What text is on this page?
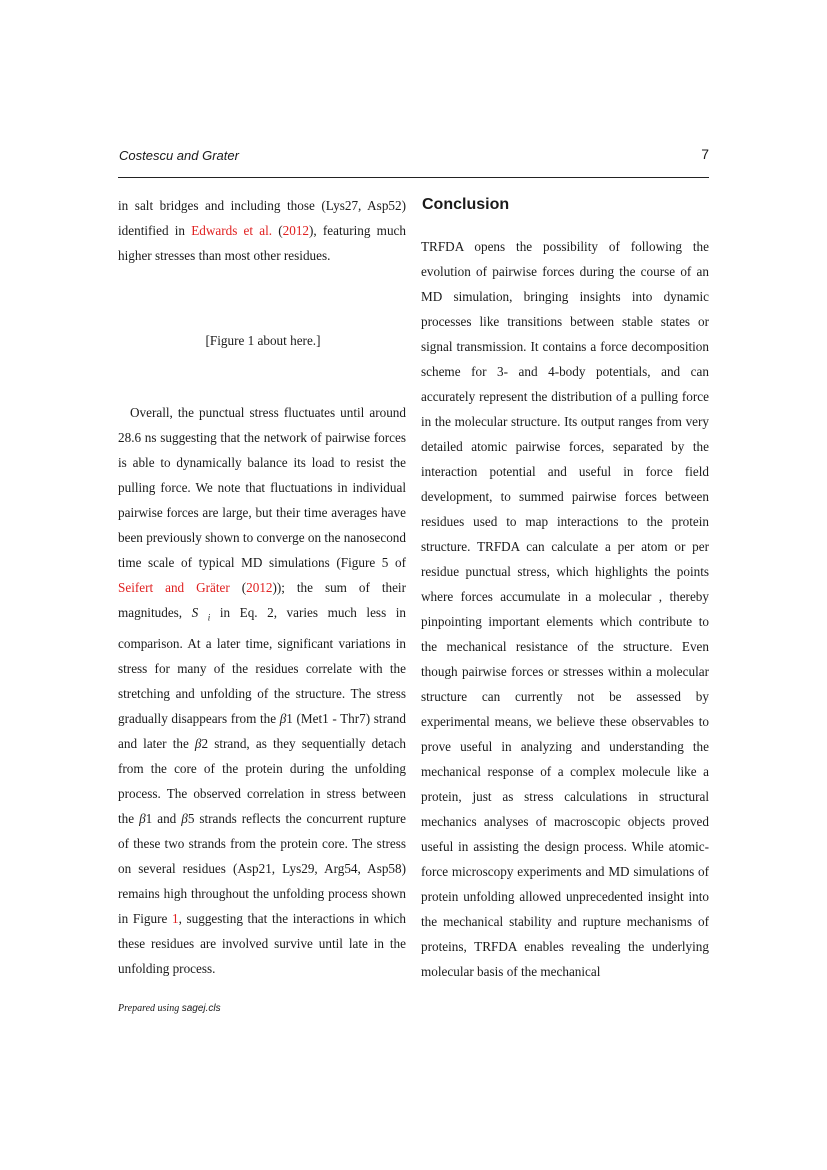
Costescu and Grater	7

in salt bridges and including those (Lys27, Asp52) identified in Edwards et al. (2012), featuring much higher stresses than most other residues.

[Figure 1 about here.]

Overall, the punctual stress fluctuates until around 28.6 ns suggesting that the network of pairwise forces is able to dynamically balance its load to resist the pulling force. We note that fluctuations in individual pairwise forces are large, but their time averages have been previously shown to converge on the nanosecond time scale of typical MD simulations (Figure 5 of Seifert and Gräter (2012)); the sum of their magnitudes, S $_i$ in Eq. 2, varies much less in comparison. At a later time, significant variations in stress for many of the residues correlate with the stretching and unfolding of the structure. The stress gradually disappears from the β1 (Met1 - Thr7) strand and later the β2 strand, as they sequentially detach from the core of the protein during the unfolding process. The observed correlation in stress between the β1 and β5 strands reflects the concurrent rupture of these two strands from the protein core. The stress on several residues (Asp21, Lys29, Arg54, Asp58) remains high throughout the unfolding process shown in Figure 1, suggesting that the interactions in which these residues are involved survive until late in the unfolding process.

Conclusion

TRFDA opens the possibility of following the evolution of pairwise forces during the course of an MD simulation, bringing insights into dynamic processes like transitions between stable states or signal transmission. It contains a force decomposition scheme for 3- and 4-body potentials, and can accurately represent the distribution of a pulling force in the molecular structure. Its output ranges from very detailed atomic pairwise forces, separated by the interaction potential and useful in force field development, to summed pairwise forces between residues used to map interactions to the protein structure. TRFDA can calculate a per atom or per residue punctual stress, which highlights the points where forces accumulate in a molecular , thereby pinpointing important elements which contribute to the mechanical resistance of the structure. Even though pairwise forces or stresses within a molecular structure can currently not be assessed by experimental means, we believe these observables to prove useful in analyzing and understanding the mechanical response of a complex molecule like a protein, just as stress calculations in structural mechanics analyses of macroscopic objects proved useful in assisting the design process. While atomic-force microscopy experiments and MD simulations of protein unfolding allowed unprecedented insight into the mechanical stability and rupture mechanisms of proteins, TRFDA enables revealing the underlying molecular basis of the mechanical

Prepared using sagej.cls
